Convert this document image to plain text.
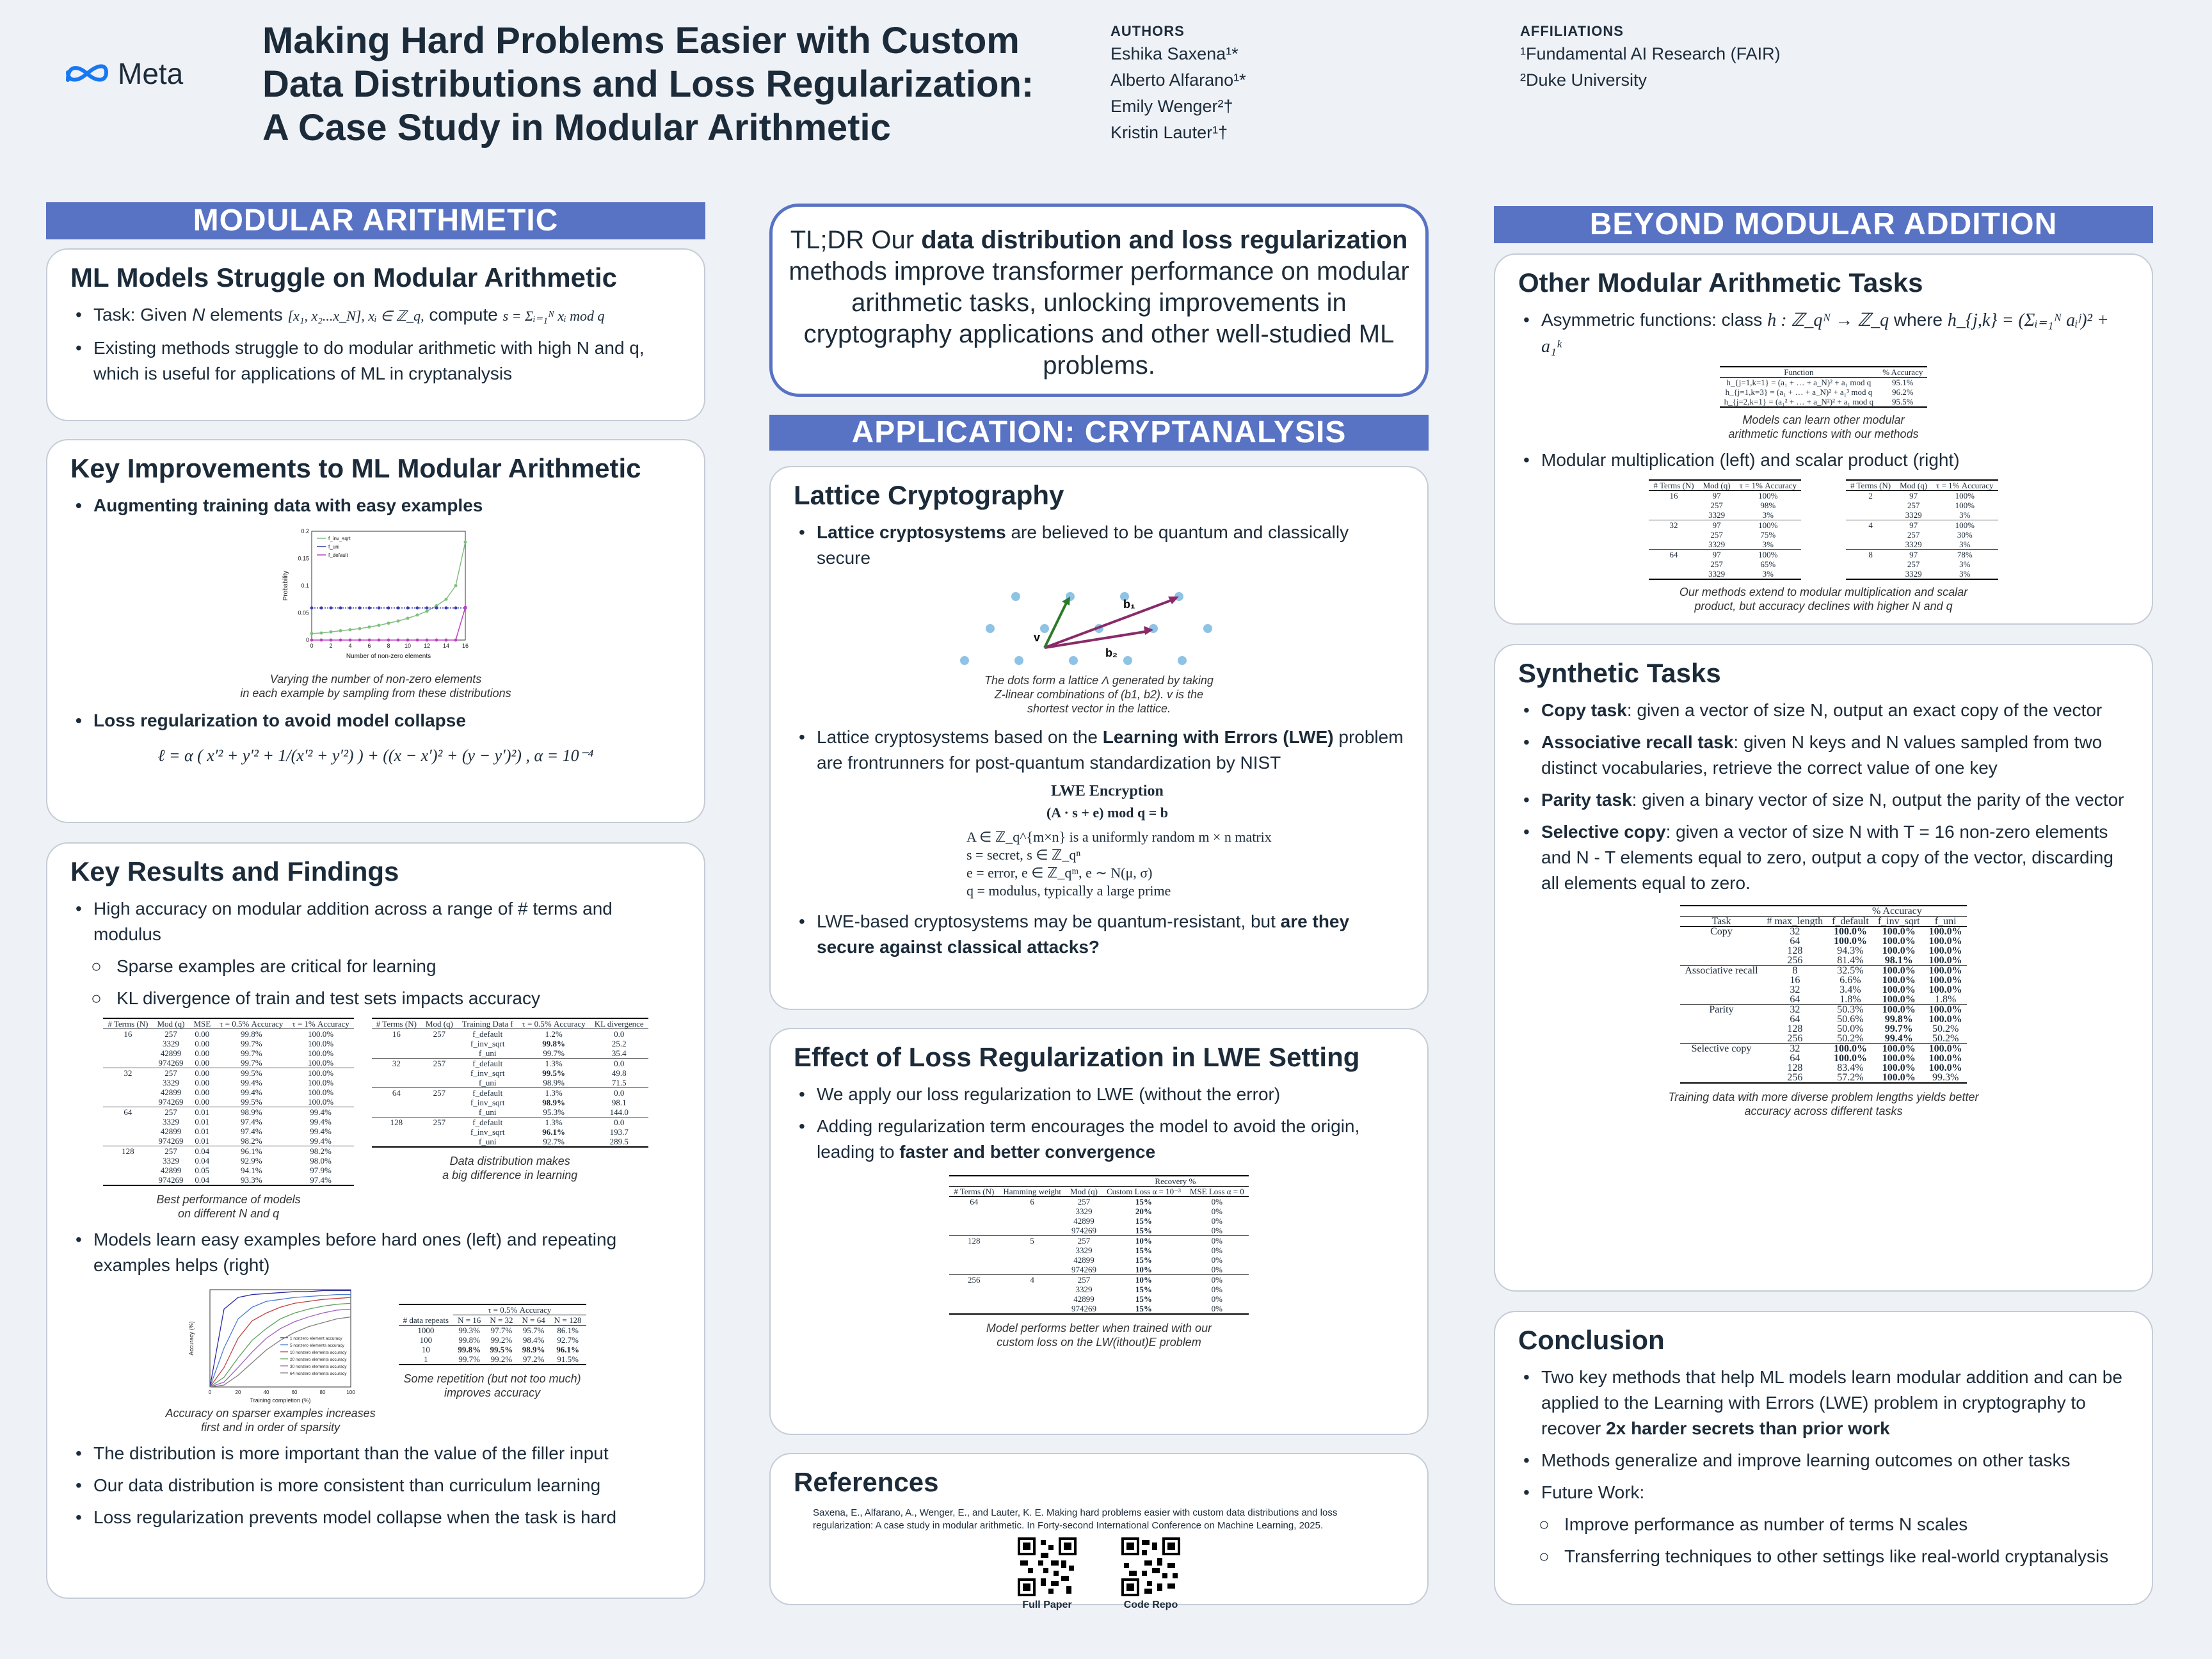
Meta
Making Hard Problems Easier with Custom
Data Distributions and Loss Regularization:
A Case Study in Modular Arithmetic
AUTHORS
Eshika Saxena¹*
Alberto Alfarano¹*
Emily Wenger²†
Kristin Lauter¹†
AFFILIATIONS
¹Fundamental AI Research (FAIR)
²Duke University
MODULAR ARITHMETIC
ML Models Struggle on Modular Arithmetic
• Task: Given N elements [x₁, x₂...x_N], xᵢ ∈ ℤ_q, compute s = Σᵢ₌₁ᴺ xᵢ mod q
• Existing methods struggle to do modular arithmetic with high N and q, which is useful for applications of ML in cryptanalysis
Key Improvements to ML Modular Arithmetic
• Augmenting training data with easy examples
0
0.05
0.1
0.15
0.2
0	2	4	6	8 10 12 14 16
Number of non-zero elements
Probability
f_inv_sqrt
f_uni
f_default
Varying the number of non-zero elements
in each example by sampling from these distributions
• Loss regularization to avoid model collapse
ℓ = α ( x′² + y′² + 1/(x′² + y′²) ) + ((x − x′)² + (y − y′)²) , α = 10⁻⁴
Key Results and Findings
• High accuracy on modular addition across a range of # terms and modulus
○ Sparse examples are critical for learning
○ KL divergence of train and test sets impacts accuracy
# Terms (N)	Mod (q)	MSE	τ = 0.5% Accuracy	τ = 1% Accuracy
16	257	0.00	99.8%	100.0%
	3329	0.00	99.7%	100.0%
	42899	0.00	99.7%	100.0%
	974269	0.00	99.7%	100.0%
32	257	0.00	99.5%	100.0%
	3329	0.00	99.4%	100.0%
	42899	0.00	99.4%	100.0%
	974269	0.00	99.5%	100.0%
64	257	0.01	98.9%	99.4%
	3329	0.01	97.4%	99.4%
	42899	0.01	97.4%	99.4%
	974269	0.01	98.2%	99.4%
128	257	0.04	96.1%	98.2%
	3329	0.04	92.9%	98.0%
	42899	0.05	94.1%	97.9%
	974269	0.04	93.3%	97.4%
Best performance of models
on different N and q
# Terms (N)	Mod (q)	Training Data f	τ = 0.5% Accuracy	KL divergence
16	257	f_default	1.2%	0.0
		f_inv_sqrt	99.8%	25.2
		f_uni	99.7%	35.4
32	257	f_default	1.3%	0.0
		f_inv_sqrt	99.5%	49.8
		f_uni	98.9%	71.5
64	257	f_default	1.3%	0.0
		f_inv_sqrt	98.9%	98.1
		f_uni	95.3%	144.0
128	257	f_default	1.3%	0.0
		f_inv_sqrt	96.1%	193.7
		f_uni	92.7%	289.5
Data distribution makes
a big difference in learning
• Models learn easy examples before hard ones (left) and repeating examples helps (right)
0	20	40	60	80	100
Training completion (%)
Accuracy (%)	1 nonzero element accuracy
5 nonzero elements accuracy
10 nonzero elements accuracy
20 nonzero elements accuracy
30 nonzero elements accuracy
64 nonzero elements accuracy
Accuracy on sparser examples increases
first and in order of sparsity
	τ = 0.5% Accuracy			
# data repeats	N = 16	N = 32	N = 64	N = 128
1000	99.3%	97.7%	95.7%	86.1%
100	99.8%	99.2%	98.4%	92.7%
10	99.8%	99.5%	98.9%	96.1%
1	99.7%	99.2%	97.2%	91.5%
Some repetition (but not too much)
improves accuracy
• The distribution is more important than the value of the filler input
• Our data distribution is more consistent than curriculum learning
• Loss regularization prevents model collapse when the task is hard
TL;DR Our data distribution and loss regularization methods improve transformer performance on modular arithmetic tasks, unlocking improvements in cryptography applications and other well-studied ML problems.
APPLICATION: CRYPTANALYSIS
Lattice Cryptography
• Lattice cryptosystems are believed to be quantum and classically secure
b₁
b₂
v
The dots form a lattice Λ generated by taking
Z-linear combinations of (b1, b2). v is the
shortest vector in the lattice.
• Lattice cryptosystems based on the Learning with Errors (LWE) problem are frontrunners for post-quantum standardization by NIST
LWE Encryption
(A · s + e) mod q = b
A ∈ ℤ_q^{m×n} is a uniformly random m × n matrix
s = secret, s ∈ ℤ_qⁿ
e = error, e ∈ ℤ_qᵐ, e ∼ N(μ, σ)
q = modulus, typically a large prime
• LWE-based cryptosystems may be quantum-resistant, but are they secure against classical attacks?
Effect of Loss Regularization in LWE Setting
• We apply our loss regularization to LWE (without the error)
• Adding regularization term encourages the model to avoid the origin, leading to faster and better convergence
			Recovery %	
# Terms (N)	Hamming weight	Mod (q)	Custom Loss α = 10⁻³	MSE Loss α = 0
64	6	257	15%	0%
		3329	20%	0%
		42899	15%	0%
		974269	15%	0%
128	5	257	10%	0%
		3329	15%	0%
		42899	15%	0%
		974269	10%	0%
256	4	257	10%	0%
		3329	15%	0%
		42899	15%	0%
		974269	15%	0%
Model performs better when trained with our
custom loss on the LW(ithout)E problem
References
Saxena, E., Alfarano, A., Wenger, E., and Lauter, K. E. Making hard problems easier with custom data distributions and loss regularization: A case study in modular arithmetic. In Forty-second International Conference on Machine Learning, 2025.
Full Paper	Code Repo
BEYOND MODULAR ADDITION
Other Modular Arithmetic Tasks
• Asymmetric functions: class h : ℤ_qᴺ → ℤ_q where h_{j,k} = (Σᵢ₌₁ᴺ aᵢʲ)² + a₁ᵏ
Function	% Accuracy
h_{j=1,k=1} = (a₁ + … + a_N)² + a₁ mod q	95.1%
h_{j=1,k=3} = (a₁ + … + a_N)² + a₁³ mod q	96.2%
h_{j=2,k=1} = (a₁² + … + a_N²)² + a₁ mod q	95.5%
Models can learn other modular
arithmetic functions with our methods
• Modular multiplication (left) and scalar product (right)
# Terms (N)	Mod (q)	τ = 1% Accuracy
16	97	100%
	257	98%
	3329	3%
32	97	100%
	257	75%
	3329	3%
64	97	100%
	257	65%
	3329	3%
# Terms (N)	Mod (q)	τ = 1% Accuracy
2	97	100%
	257	100%
	3329	3%
4	97	100%
	257	30%
	3329	3%
8	97	78%
	257	3%
	3329	3%
Our methods extend to modular multiplication and scalar
product, but accuracy declines with higher N and q
Synthetic Tasks
• Copy task: given a vector of size N, output an exact copy of the vector
• Associative recall task: given N keys and N values sampled from two distinct vocabularies, retrieve the correct value of one key
• Parity task: given a binary vector of size N, output the parity of the vector
• Selective copy: given a vector of size N with T = 16 non-zero elements and N - T elements equal to zero, output a copy of the vector, discarding all elements equal to zero.
		% Accuracy		
Task	# max_length	f_default	f_inv_sqrt	f_uni
Copy	32	100.0%	100.0%	100.0%
	64	100.0%	100.0%	100.0%
	128	94.3%	100.0%	100.0%
	256	81.4%	98.1%	100.0%
Associative recall	8	32.5%	100.0%	100.0%
	16	6.6%	100.0%	100.0%
	32	3.4%	100.0%	100.0%
	64	1.8%	100.0%	1.8%
Parity	32	50.3%	100.0%	100.0%
	64	50.6%	99.8%	100.0%
	128	50.0%	99.7%	50.2%
	256	50.2%	99.4%	50.2%
Selective copy	32	100.0%	100.0%	100.0%
	64	100.0%	100.0%	100.0%
	128	83.4%	100.0%	100.0%
	256	57.2%	100.0%	99.3%
Training data with more diverse problem lengths yields better
accuracy across different tasks
Conclusion
• Two key methods that help ML models learn modular addition and can be applied to the Learning with Errors (LWE) problem in cryptography to recover 2x harder secrets than prior work
• Methods generalize and improve learning outcomes on other tasks
• Future Work:
○ Improve performance as number of terms N scales
○ Transferring techniques to other settings like real-world cryptanalysis
